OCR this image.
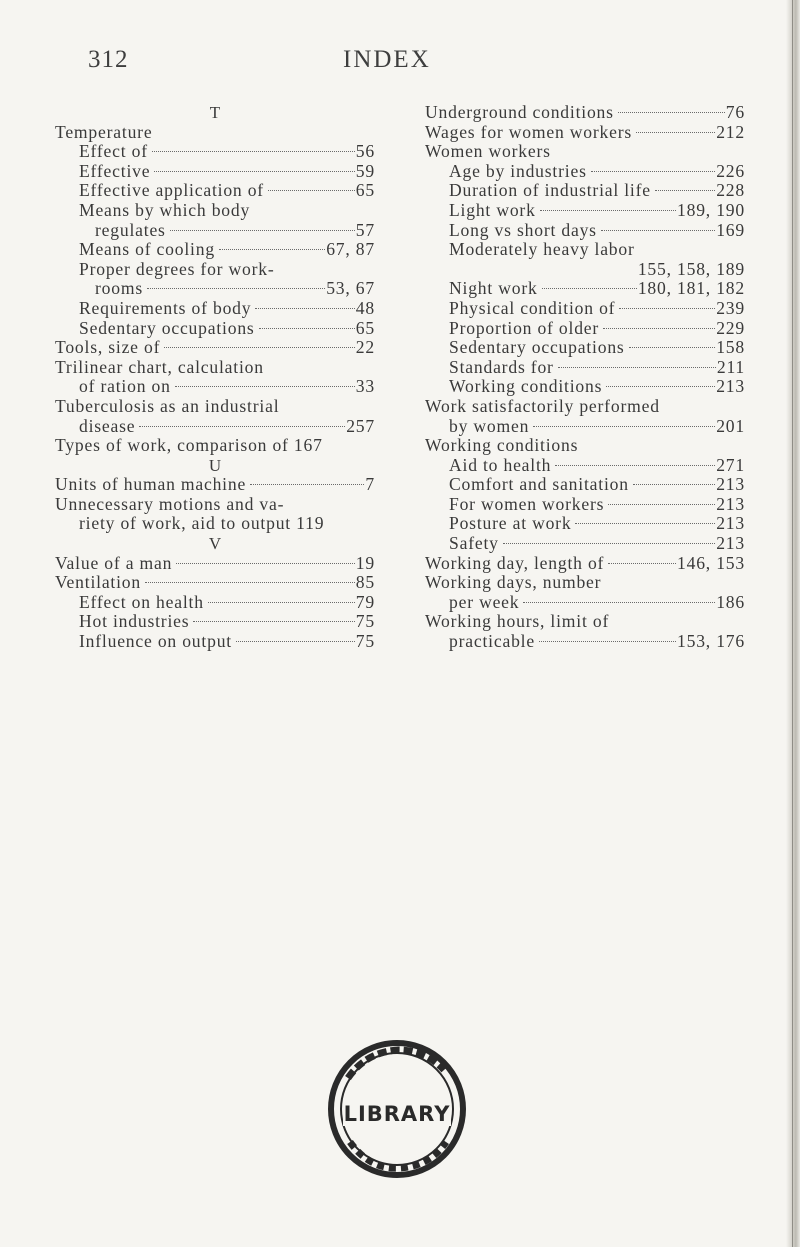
312	INDEX
T
Temperature
Effect of	56
Effective	59
Effective application of	65
Means by which body
regulates	57
Means of cooling	67, 87
Proper degrees for work-
rooms	53, 67
Requirements of body	48
Sedentary occupations	65
Tools, size of	22
Trilinear chart, calculation
of ration on	33
Tuberculosis as an industrial
disease	257
Types of work, comparison of 167
U
Units of human machine	7
Unnecessary motions and va-
riety of work, aid to output 119
V
Value of a man	19
Ventilation	85
Effect on health	79
Hot industries	75
Influence on output	75
Underground conditions	76
Wages for women workers	212
Women workers
Age by industries	226
Duration of industrial life	228
Light work	189, 190
Long vs short days	169
Moderately heavy labor
155, 158, 189
Night work	180, 181, 182
Physical condition of	239
Proportion of older	229
Sedentary occupations	158
Standards for	211
Working conditions	213
Work satisfactorily performed
by women	201
Working conditions
Aid to health	271
Comfort and sanitation	213
For women workers	213
Posture at work	213
Safety	213
Working day, length of	146, 153
Working days, number
per week	186
Working hours, limit of
practicable	153, 176
LIBRARY
